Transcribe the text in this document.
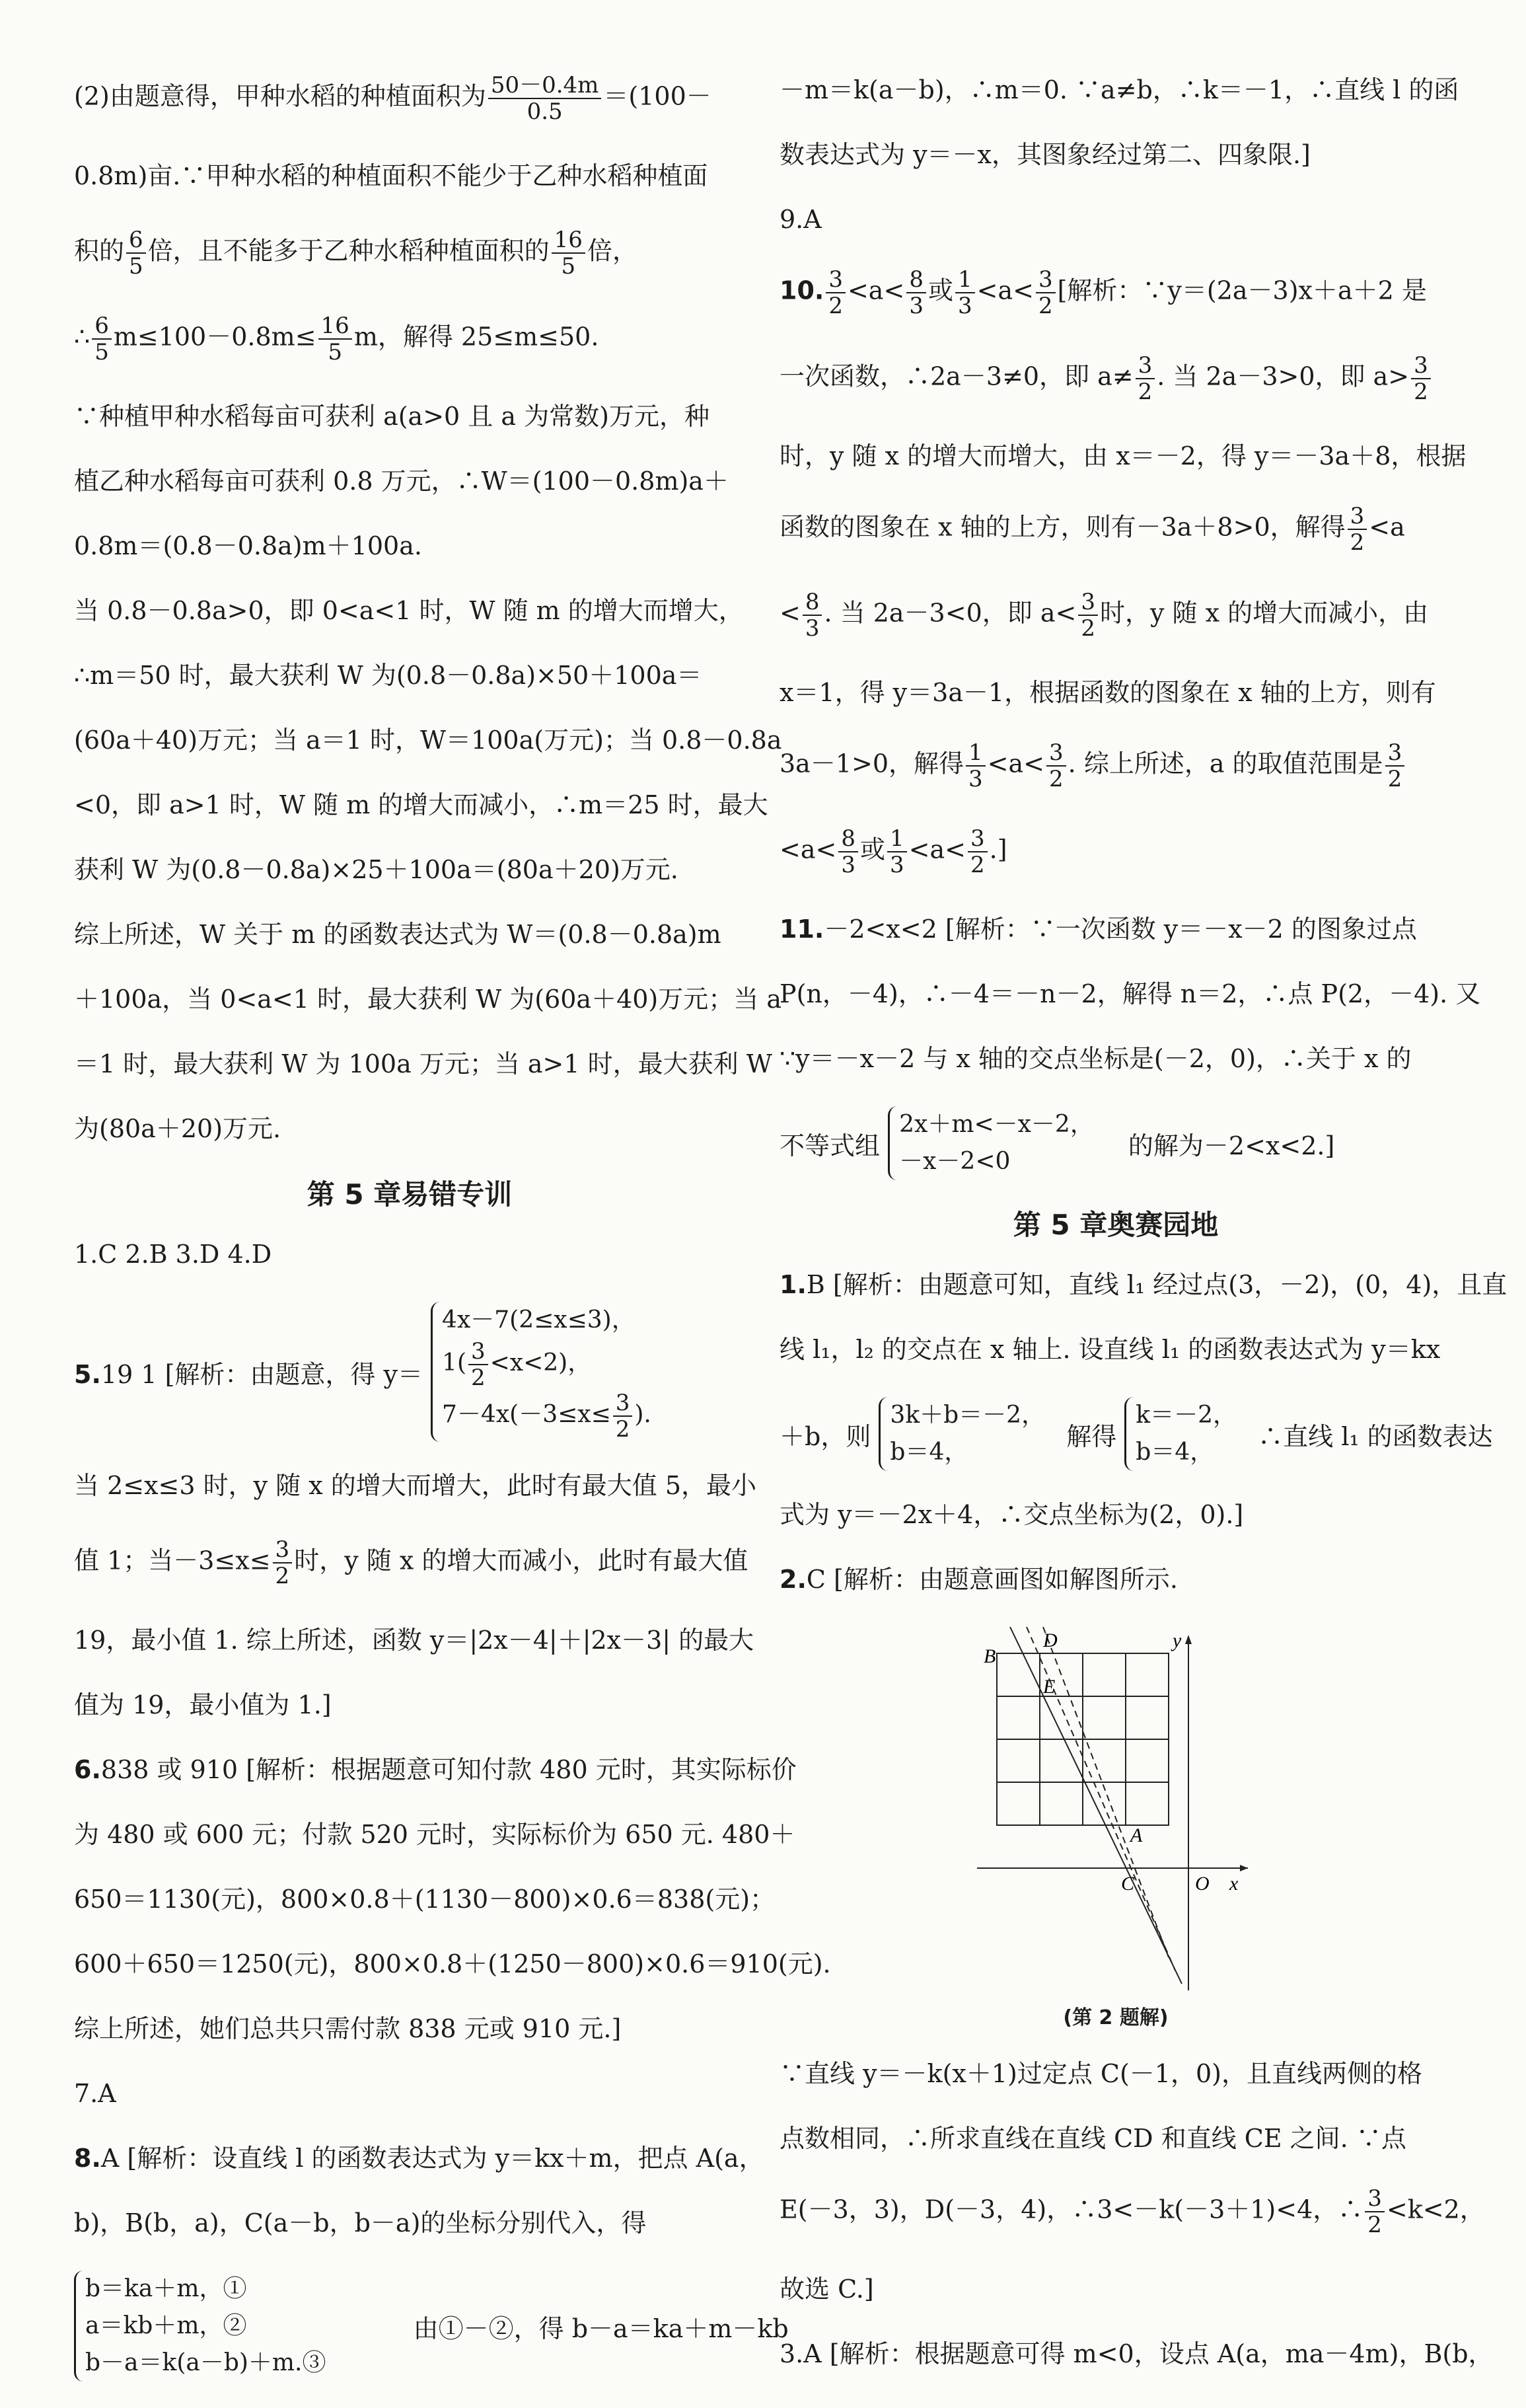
(2)由题意得，甲种水稻的种植面积为 $\frac{50-0.4m}{0.5} =(100-$
0.8m)亩.∵甲种水稻的种植面积不能少于乙种水稻种植面
积的 $\frac{6}{5}$ 倍，且不能多于乙种水稻种植面积的 $\frac{16}{5}$ 倍，
∴ $\frac{6}{5} m\le 100-0.8m\le \frac{16}{5}$ m，解得 25≤m≤50.
∵种植甲种水稻每亩可获利 a(a>0 且 a 为常数)万元，种
植乙种水稻每亩可获利 0.8 万元，∴W＝(100－0.8m)a＋
0.8m＝(0.8－0.8a)m＋100a.
当 0.8－0.8a>0，即 0<a<1 时，W 随 m 的增大而增大，
∴m＝50 时，最大获利 W 为(0.8－0.8a)×50＋100a＝
(60a＋40)万元；当 a＝1 时，W＝100a(万元)；当 0.8－0.8a
<0，即 a>1 时，W 随 m 的增大而减小，∴m＝25 时，最大
获利 W 为(0.8－0.8a)×25＋100a＝(80a＋20)万元.
综上所述，W 关于 m 的函数表达式为 W＝(0.8－0.8a)m
＋100a，当 0<a<1 时，最大获利 W 为(60a＋40)万元；当 a
＝1 时，最大获利 W 为 100a 万元；当 a>1 时，最大获利 W
为(80a＋20)万元.
第 5 章易错专训
1.C 2.B 3.D 4.D
5.19 1 [解析：由题意，得 y＝
4x－7(2≤x≤3)，
$1( \frac{3}{2} <x<2)$，
$7-4x(-3\le x\le \frac{3}{2}$ ).
当 2≤x≤3 时，y 随 x 的增大而增大，此时有最大值 5，最小
值 1；当$-3\le x\le \frac{3}{2}$ 时，y 随 x 的增大而减小，此时有最大值
19，最小值 1. 综上所述，函数 y＝|2x－4|＋|2x－3| 的最大
值为 19，最小值为 1.]
6.838 或 910 [解析：根据题意可知付款 480 元时，其实际标价
为 480 或 600 元；付款 520 元时，实际标价为 650 元. 480＋
650＝1130(元)，800×0.8＋(1130－800)×0.6＝838(元)；
600＋650＝1250(元)，800×0.8＋(1250－800)×0.6＝910(元).
综上所述，她们总共只需付款 838 元或 910 元.]
7.A
8.A [解析：设直线 l 的函数表达式为 y＝kx＋m，把点 A(a，
b)，B(b，a)，C(a－b，b－a)的坐标分别代入，得
b＝ka＋m，①
a＝kb＋m，②
b－a＝k(a－b)＋m.③
由①－②，得 b－a＝ka＋m－kb
－m＝k(a－b)，∴m＝0. ∵a≠b，∴k＝－1，∴直线 l 的函
数表达式为 y＝－x，其图象经过第二、四象限.]
9.A
10. $\frac{3}{2} <a< \frac{8}{3}$ 或 $\frac{1}{3} <a< \frac{3}{2}$ [解析：∵y＝(2a－3)x＋a＋2 是
一次函数，∴2a－3≠0，即 $a\ne \frac{3}{2}$ . 当 2a－3>0，即 $a> \frac{3}{2}$
时，y 随 x 的增大而增大，由 x＝－2，得 y＝－3a＋8，根据
函数的图象在 x 轴的上方，则有－3a＋8>0，解得 $\frac{3}{2} <a$
< $\frac{8}{3}$ . 当 2a－3<0，即 $a< \frac{3}{2}$ 时，y 随 x 的增大而减小，由
x＝1，得 y＝3a－1，根据函数的图象在 x 轴的上方，则有
3a－1>0，解得 $\frac{1}{3} <a< \frac{3}{2}$ . 综上所述，a 的取值范围是 $\frac{3}{2}$
$<a< \frac{8}{3}$ 或 $\frac{1}{3} <a< \frac{3}{2}$ .]
11.－2<x<2 [解析：∵一次函数 y＝－x－2 的图象过点
P(n，－4)，∴－4＝－n－2，解得 n＝2，∴点 P(2，－4). 又
∵y＝－x－2 与 x 轴的交点坐标是(－2，0)，∴关于 x 的
不等式组
2x＋m<－x－2，
－x－2<0
的解为－2<x<2.]
第 5 章奥赛园地
1.B [解析：由题意可知，直线 l₁ 经过点(3，－2)，(0，4)，且直
线 l₁，l₂ 的交点在 x 轴上. 设直线 l₁ 的函数表达式为 y＝kx
＋b，则
3k＋b＝－2，
b＝4，
解得
k＝－2，
b＝4，
∴直线 l₁ 的函数表达
式为 y＝－2x＋4，∴交点坐标为(2，0).]
2.C [解析：由题意画图如解图所示.
B
D
E
A
C	O x
y
(第 2 题解)
∵直线 y＝－k(x＋1)过定点 C(－1，0)，且直线两侧的格
点数相同，∴所求直线在直线 CD 和直线 CE 之间. ∵点
E(－3，3)，D(－3，4)，∴3<－k(－3＋1)<4，∴ $\frac{3}{2} <k<2$，
故选 C.]
3.A [解析：根据题意可得 m<0，设点 A(a，ma－4m)，B(b，
